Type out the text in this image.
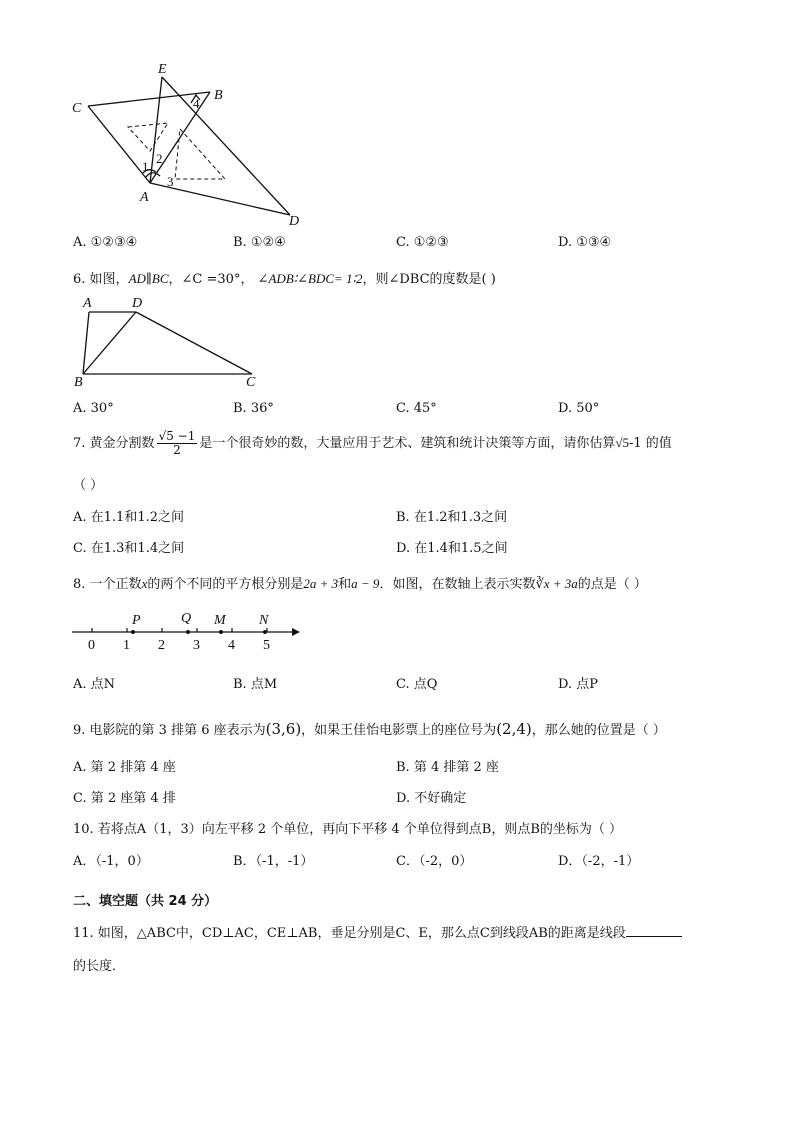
C
E
B
A
D
1
2
3
4
A. ①②③④	B. ①②④	C. ①②③	D. ①③④
6. 如图，AD∥BC，∠C =30°， ∠ADB∶∠BDC= 1∶2，则∠DBC的度数是( )
A	D
B	C
A. 30°	B. 36°	C. 45°	D. 50°
7. 黄金分割数 $\frac{√5 -1}{2}$ 是一个很奇妙的数，大量应用于艺术、建筑和统计决策等方面，请你估算√5-1 的值
（ ）
A. 在1.1和1.2之间	B. 在1.2和1.3之间
C. 在1.3和1.4之间	D. 在1.4和1.5之间
8. 一个正数x的两个不同的平方根分别是2a + 3和a − 9．如图，在数轴上表示实数∛x + 3a的点是（ ）
0 1 2 3 4 5
P	Q M N
A. 点N	B. 点M	C. 点Q	D. 点P
9. 电影院的第 3 排第 6 座表示为(3,6)，如果王佳怡电影票上的座位号为(2,4)，那么她的位置是（ ）
A. 第 2 排第 4 座	B. 第 4 排第 2 座
C. 第 2 座第 4 排	D. 不好确定
10. 若将点A（1，3）向左平移 2 个单位，再向下平移 4 个单位得到点B，则点B的坐标为（ ）
A．（-1，0）	B．（-1，-1）	C．（-2，0）	D．（-2，-1）
二、填空题（共 24 分）
11. 如图，△ABC中，CD⊥AC，CE⊥AB，垂足分别是C、E，那么点C到线段AB的距离是线段
的长度．
